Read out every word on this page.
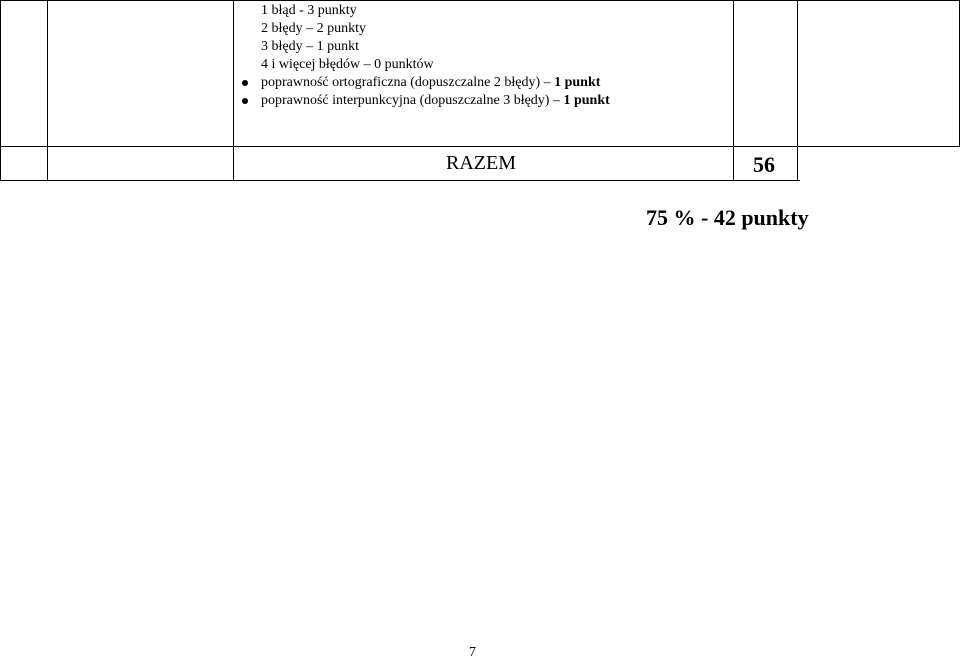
1 błąd - 3 punkty
2 błędy – 2 punkty
3 błędy – 1 punkt
4 i więcej błędów – 0 punktów
poprawność ortograficzna (dopuszczalne 2 błędy) – 1 punkt
poprawność interpunkcyjna (dopuszczalne 3 błędy) – 1 punkt
RAZEM	56
75 % - 42 punkty
7
